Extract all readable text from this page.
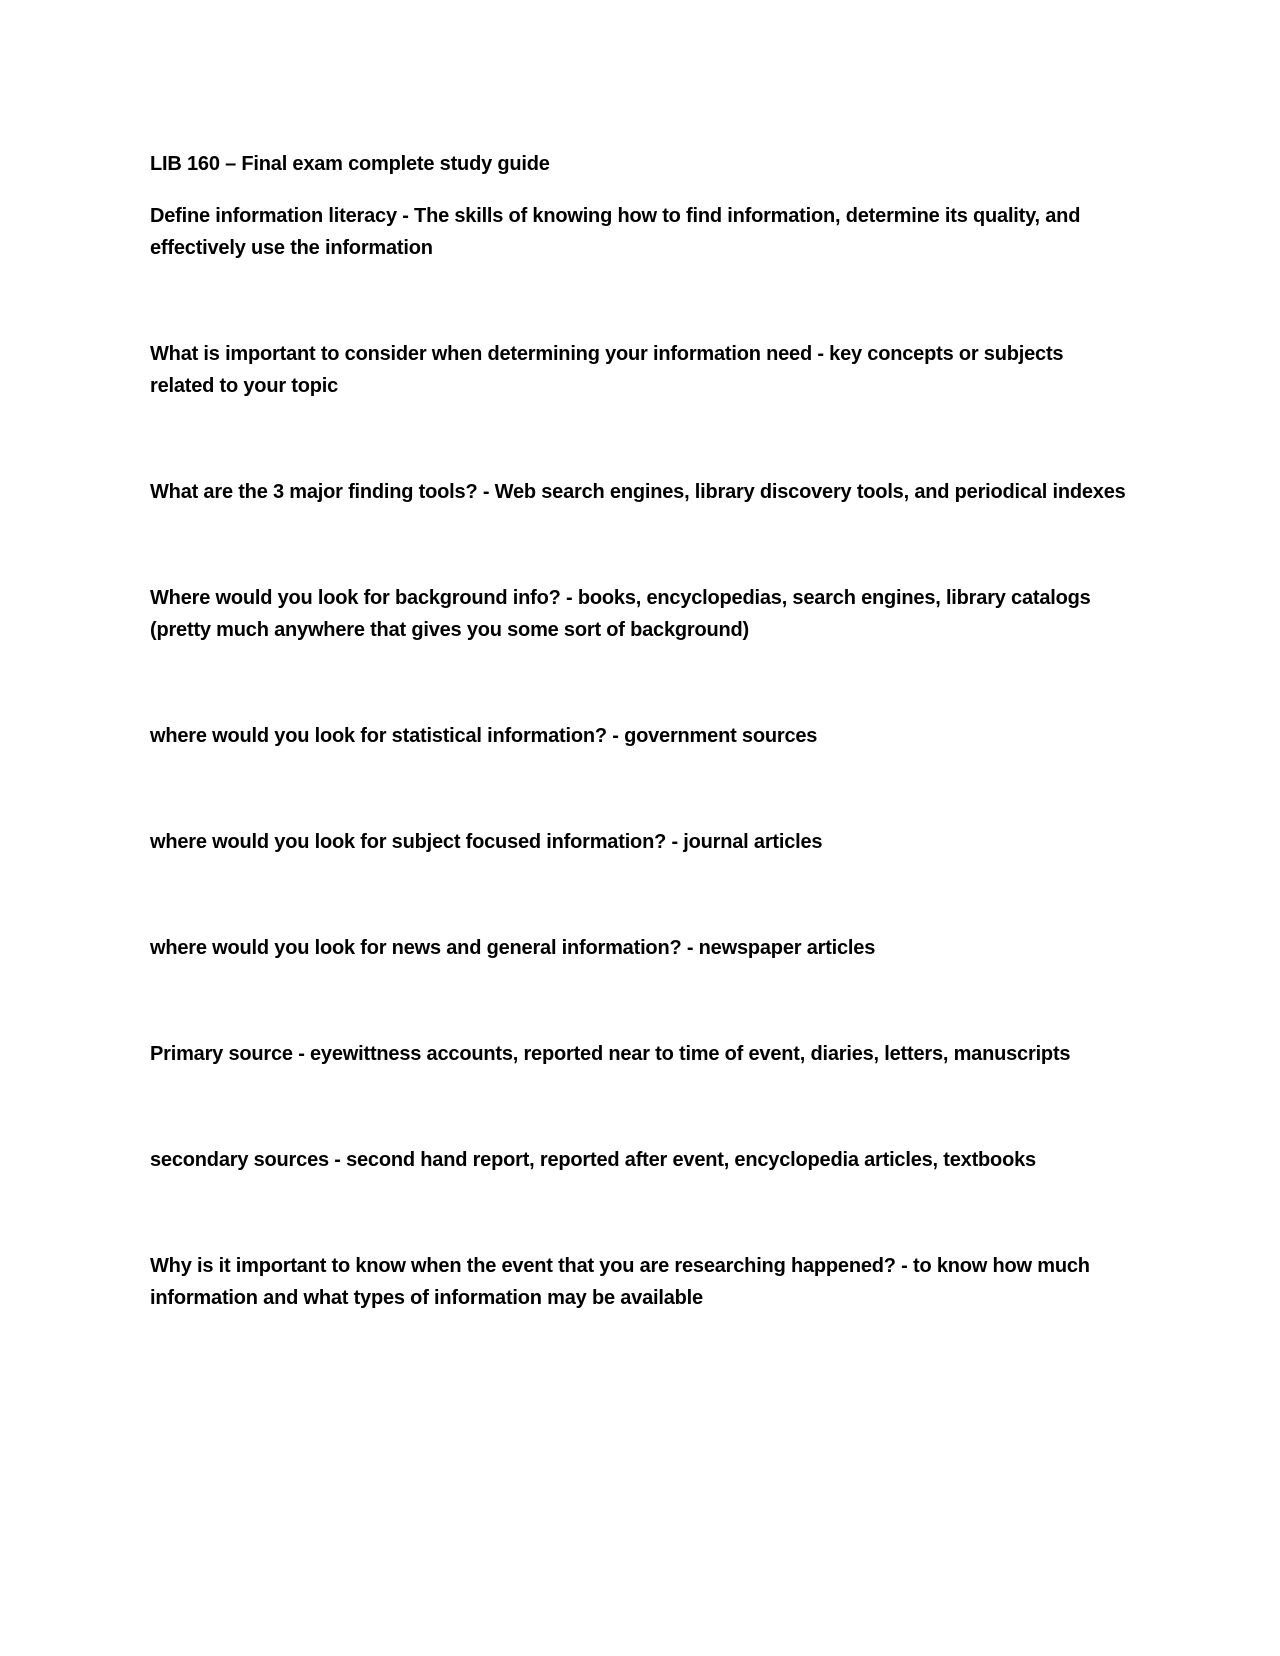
LIB 160 – Final exam complete study guide

Define information literacy - The skills of knowing how to find information, determine its quality, and effectively use the information

What is important to consider when determining your information need - key concepts or subjects related to your topic

What are the 3 major finding tools? - Web search engines, library discovery tools, and periodical indexes

Where would you look for background info? - books, encyclopedias, search engines, library catalogs (pretty much anywhere that gives you some sort of background)

where would you look for statistical information? - government sources

where would you look for subject focused information? - journal articles

where would you look for news and general information? - newspaper articles

Primary source - eyewittness accounts, reported near to time of event, diaries, letters, manuscripts

secondary sources - second hand report, reported after event, encyclopedia articles, textbooks

Why is it important to know when the event that you are researching happened? - to know how much information and what types of information may be available
